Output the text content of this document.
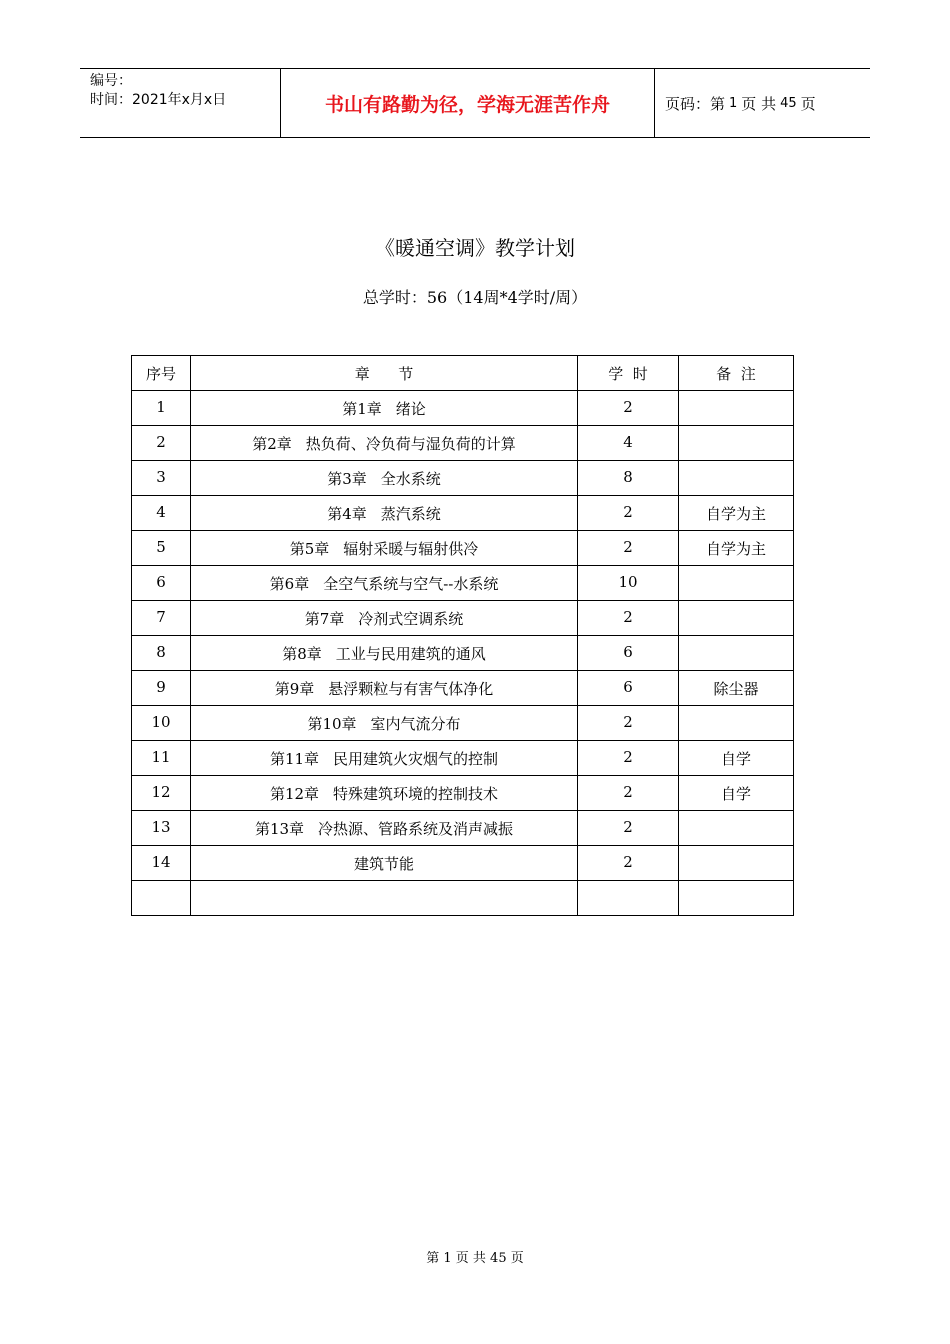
编号：
时间：2021年x月x日	书山有路勤为径，学海无涯苦作舟	页码：第 1 页 共 45 页
《暖通空调》教学计划
总学时：56（14周*4学时/周）
序号	章      节	学  时	备  注
1	第1章 绪论	2	
2	第2章 热负荷、冷负荷与湿负荷的计算	4	
3	第3章 全水系统	8	
4	第4章 蒸汽系统	2	自学为主
5	第5章 辐射采暖与辐射供冷	2	自学为主
6	第6章 全空气系统与空气--水系统	10	
7	第7章 冷剂式空调系统	2	
8	第8章 工业与民用建筑的通风	6	
9	第9章 悬浮颗粒与有害气体净化	6	除尘器
10	第10章 室内气流分布	2	
11	第11章 民用建筑火灾烟气的控制	2	自学
12	第12章 特殊建筑环境的控制技术	2	自学
13	第13章 冷热源、管路系统及消声减振	2	
14	建筑节能	2	

第 1 页 共 45 页
